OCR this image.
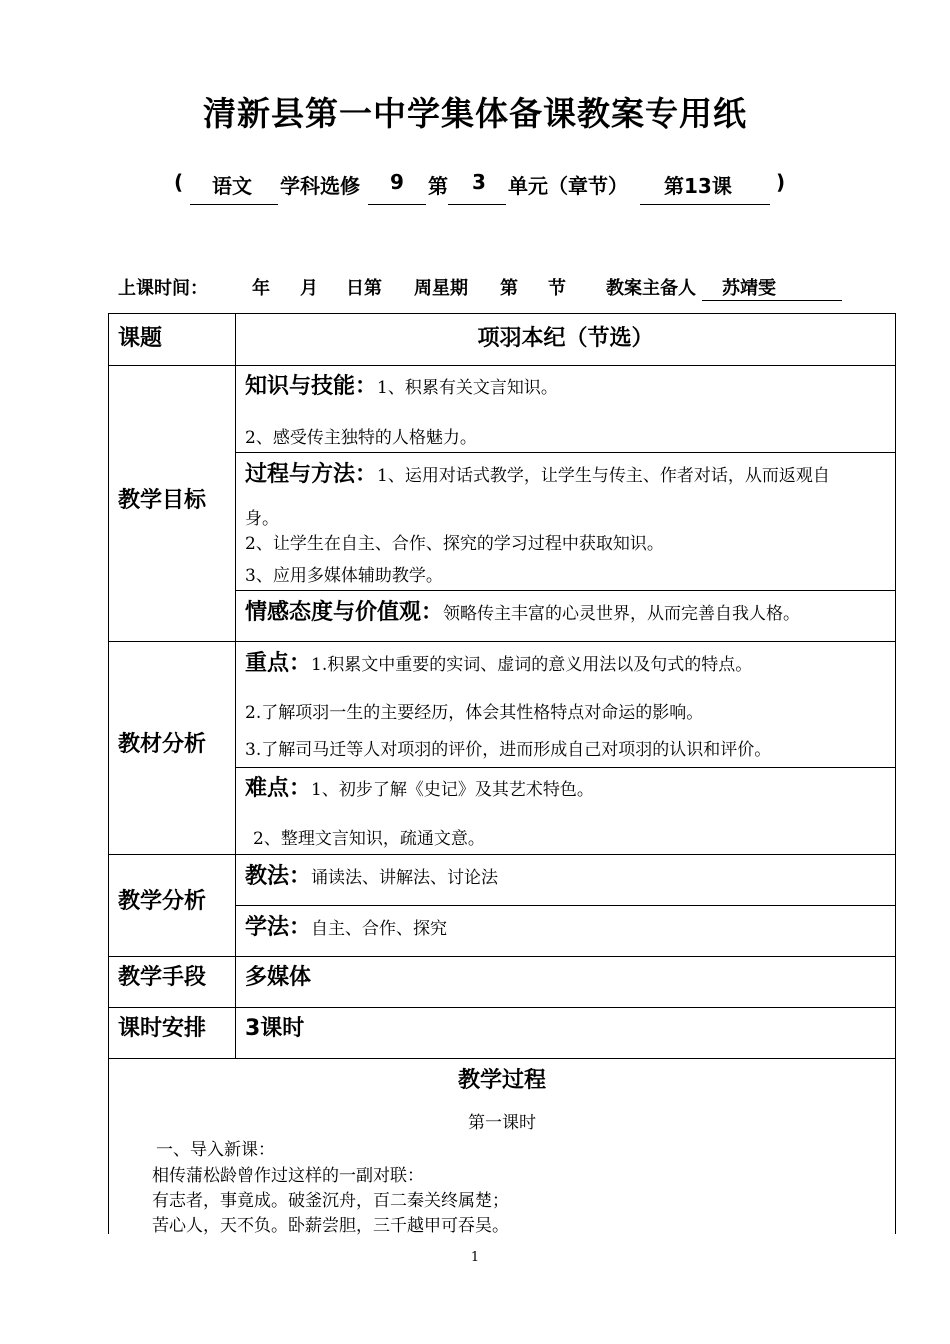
清新县第一中学集体备课教案专用纸
( 语文 学科选修 9 第 3 单元（章节） 第13课 )
上课时间： 年 月 日第 周星期 第 节 教案主备人 苏靖雯
课题	项羽本纪（节选）
教学目标
知识与技能：1、积累有关文言知识。
2、感受传主独特的人格魅力。
过程与方法：1、运用对话式教学，让学生与传主、作者对话，从而返观自
身。
2、让学生在自主、合作、探究的学习过程中获取知识。
3、应用多媒体辅助教学。
情感态度与价值观：领略传主丰富的心灵世界，从而完善自我人格。
教材分析
重点：1.积累文中重要的实词、虚词的意义用法以及句式的特点。
2.了解项羽一生的主要经历，体会其性格特点对命运的影响。
3.了解司马迁等人对项羽的评价，进而形成自己对项羽的认识和评价。
难点：1、初步了解《史记》及其艺术特色。
2、整理文言知识，疏通文意。
教学分析
教法：诵读法、讲解法、讨论法
学法：自主、合作、探究
教学手段 多媒体
课时安排 3课时
教学过程
第一课时
一、导入新课：
相传蒲松龄曾作过这样的一副对联：
有志者，事竟成。破釜沉舟，百二秦关终属楚；
苦心人，天不负。卧薪尝胆，三千越甲可吞吴。
1
